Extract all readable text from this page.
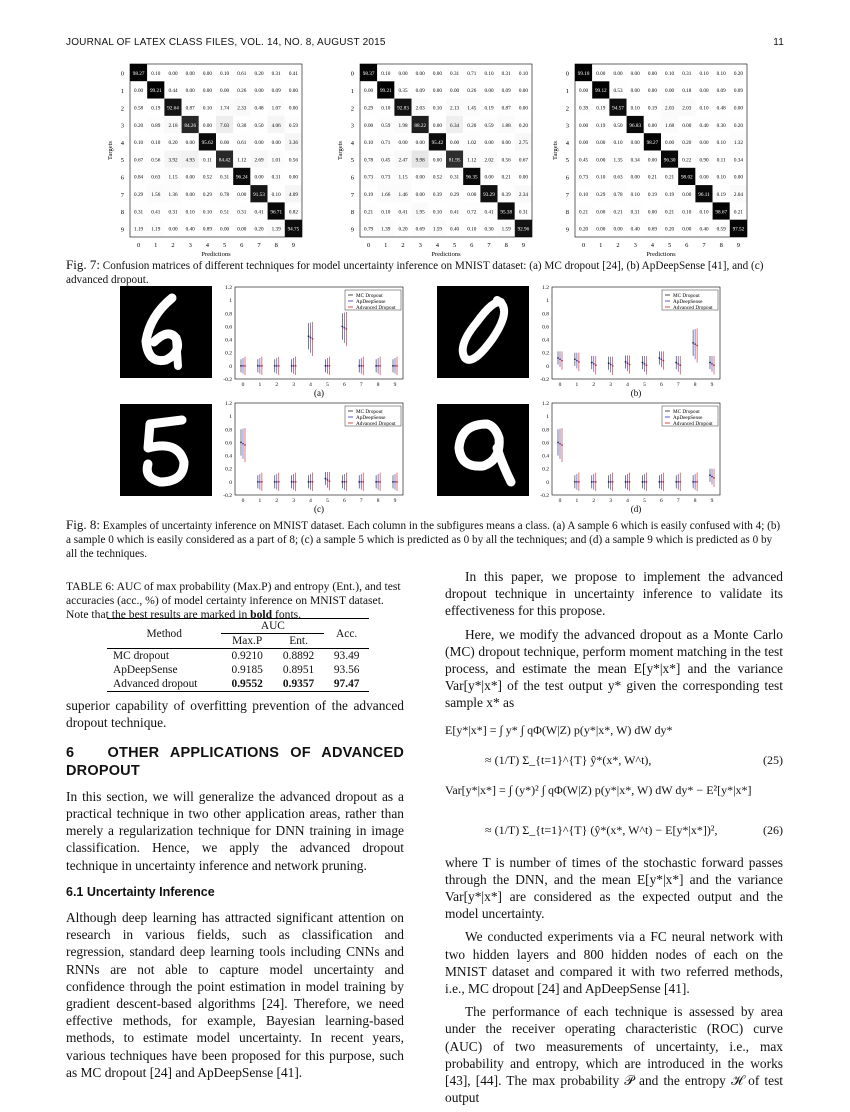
JOURNAL OF LATEX CLASS FILES, VOL. 14, NO. 8, AUGUST 2015	11
0 98.27 0.10 0.00 0.00 0.00 0.10 0.61 0.20 0.31 0.41
1 0.00 99.21 0.44 0.00 0.00 0.00 0.26 0.00 0.09 0.00
2 0.58 0.19 92.64 0.87 0.10 1.74 2.33 0.48 1.07 0.00
3 0.20 0.89 2.18 84.26 0.00 7.03 0.30 0.50 4.06 0.59
4 0.10 0.10 0.20 0.00 95.62 0.00 0.61 0.00 0.00 3.36
5 0.67 0.56 3.92 4.93 0.11 84.42 1.12 2.69 1.01 0.56
6 0.84 0.63 1.15 0.00 0.52 0.31 96.24 0.00 0.31 0.00
7 0.29 1.56 1.36 0.00 0.29 0.78 0.00 91.53 0.10 4.09
8 0.31 0.41 0.31 0.10 0.10 0.51 0.31 0.41 96.71 0.82
9 1.19 1.19 0.00 0.40 0.89 0.00 0.00 0.20 1.39 94.75
0 1 2 3 4 5 6 7 8 9
Predictions
Targets
0 98.37 0.10 0.00 0.00 0.00 0.31 0.71 0.10 0.31 0.10
1 0.00 99.21 0.35 0.09 0.00 0.00 0.26 0.00 0.09 0.00
2 0.29 0.10 92.83 2.03 0.10 2.13 1.45 0.19 0.87 0.00
3 0.00 0.59 1.98 88.22 0.00 6.34 0.20 0.59 1.88 0.20
4 0.10 0.71 0.00 0.00 95.42 0.00 1.02 0.00 0.00 2.75
5 0.78 0.45 2.47 9.98 0.00 81.95 1.12 2.02 0.56 0.67
6 0.73 0.73 1.15 0.00 0.52 0.31 96.35 0.00 0.21 0.00
7 0.19 1.66 1.46 0.00 0.39 0.29 0.00 93.29 0.39 2.34
8 0.21 0.10 0.41 1.95 0.10 0.41 0.72 0.41 95.38 0.31
9 0.79 1.39 0.20 0.69 1.59 0.40 0.10 0.30 1.59 92.96
0 1 2 3 4 5 6 7 8 9
Predictions
Targets
0 99.18 0.00 0.00 0.00 0.00 0.10 0.31 0.10 0.10 0.20
1 0.00 99.12 0.53 0.00 0.00 0.00 0.18 0.00 0.09 0.09
2 0.39 0.19 94.57 0.10 0.19 2.03 2.03 0.10 0.48 0.00
3 0.00 0.19 0.50 96.83 0.00 1.68 0.00 0.40 0.30 0.20
4 0.00 0.00 0.10 0.00 98.27 0.00 0.20 0.00 0.10 1.32
5 0.45 0.00 1.35 0.34 0.00 96.30 0.22 0.90 0.11 0.34
6 0.73 0.10 0.63 0.00 0.21 0.21 98.02 0.00 0.10 0.00
7 0.10 0.29 0.78 0.10 0.19 0.19 0.00 96.11 0.19 2.04
8 0.21 0.00 0.21 0.31 0.00 0.21 0.10 0.10 98.67 0.21
9 0.20 0.00 0.00 0.40 0.69 0.20 0.00 0.40 0.59 97.52
0 1 2 3 4 5 6 7 8 9
Predictions
Targets
Fig. 7: Confusion matrices of different techniques for model uncertainty inference on MNIST dataset: (a) MC dropout [24], (b) ApDeepSense [41], and (c) advanced dropout.
1.2
1
0.8
0.6
0.4
0.2
0
-0.2
0	1	2	3	4	5	6	7	8	9
MC Dropout
ApDeepSense
Advanced Dropout
(a)
1.2
1
0.8
0.6
0.4
0.2
0
-0.2
0	1	2	3	4	5	6	7	8	9
MC Dropout
ApDeepSense
Advanced Dropout
(b)
1.2
1
0.8
0.6
0.4
0.2
0
-0.2
0	1	2	3	4	5	6	7	8	9
MC Dropout
ApDeepSense
Advanced Dropout
(c)
1.2
1
0.8
0.6
0.4
0.2
0
-0.2
0	1	2	3	4	5	6	7	8	9
MC Dropout
ApDeepSense
Advanced Dropout
(d)
Fig. 8: Examples of uncertainty inference on MNIST dataset. Each column in the subfigures means a class. (a) A sample 6 which is easily confused with 4; (b) a sample 0 which is easily considered as a part of 8; (c) a sample 5 which is predicted as 0 by all the techniques; and (d) a sample 9 which is predicted as 0 by all the techniques.
TABLE 6: AUC of max probability (Max.P) and entropy (Ent.), and test accuracies (acc., %) of model certainty inference on MNIST dataset. Note that the best results are marked in bold fonts.
Method	AUC		Acc.
	Max.P	Ent.	
MC dropout	0.9210	0.8892	93.49
ApDeepSense	0.9185	0.8951	93.56
Advanced dropout	0.9552	0.9357	97.47

superior capability of overfitting prevention of the advanced dropout technique.

6 OTHER APPLICATIONS OF ADVANCED DROPOUT

In this section, we will generalize the advanced dropout as a practical technique in two other application areas, rather than merely a regularization technique for DNN training in image classification. Hence, we apply the advanced dropout technique in uncertainty inference and network pruning.

6.1 Uncertainty Inference

Although deep learning has attracted significant attention on research in various fields, such as classification and regression, standard deep learning tools including CNNs and RNNs are not able to capture model uncertainty and confidence through the point estimation in model training by gradient descent-based algorithms [24]. Therefore, we need effective methods, for example, Bayesian learning-based methods, to estimate model uncertainty. In recent years, various techniques have been proposed for this purpose, such as MC dropout [24] and ApDeepSense [41].

In this paper, we propose to implement the advanced dropout technique in uncertainty inference to validate its effectiveness for this propose.

Here, we modify the advanced dropout as a Monte Carlo (MC) dropout technique, perform moment matching in the test process, and estimate the mean E[y*|x*] and the variance Var[y*|x*] of the test output y* given the corresponding test sample x* as

E[y*|x*] = ∫ y* ∫ qΦ(W|Z) p(y*|x*, W) dW dy*
≈ (1/T) Σ_{t=1}^{T} ŷ*(x*, W^t),	(25)
Var[y*|x*] = ∫ (y*)² ∫ qΦ(W|Z) p(y*|x*, W) dW dy* − E²[y*|x*]
≈ (1/T) Σ_{t=1}^{T} (ŷ*(x*, W^t) − E[y*|x*])²,	(26)

where T is number of times of the stochastic forward passes through the DNN, and the mean E[y*|x*] and the variance Var[y*|x*] are considered as the expected output and the model uncertainty.

We conducted experiments via a FC neural network with two hidden layers and 800 hidden nodes of each on the MNIST dataset and compared it with two referred methods, i.e., MC dropout [24] and ApDeepSense [41].

The performance of each technique is assessed by area under the receiver operating characteristic (ROC) curve (AUC) of two measurements of uncertainty, i.e., max probability and entropy, which are introduced in the works [43], [44]. The max probability 𝒫 and the entropy ℋ of test output
